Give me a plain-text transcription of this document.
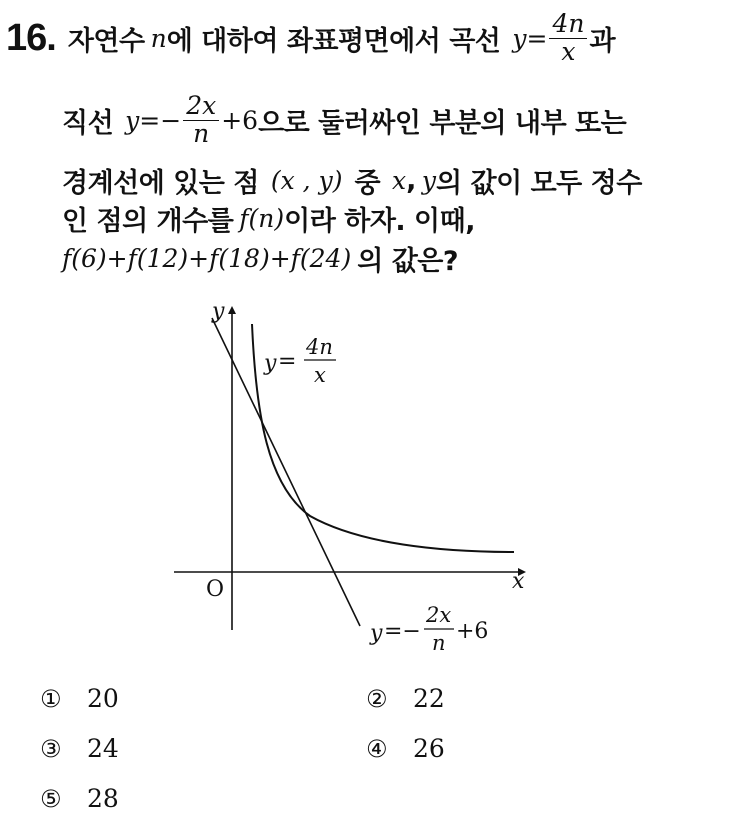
16. 자연수 n 에 대하여 좌표평면에서 곡선 $y = \frac{4n}{x}$ 과
직선 $y =- \frac{2x}{n} +6$ 으로 둘러싸인 부분의 내부 또는
경계선에 있는 점 (x , y) 중 x , y 의 값이 모두 정수
인 점의 개수를 f(n) 이라 하자. 이때,
f(6)+f(12)+f(18)+f(24) 의 값은?
y
x
O
y =
4n
x
y =−
2x
n +6
① 20	② 22
③ 24	④ 26
⑤ 28
